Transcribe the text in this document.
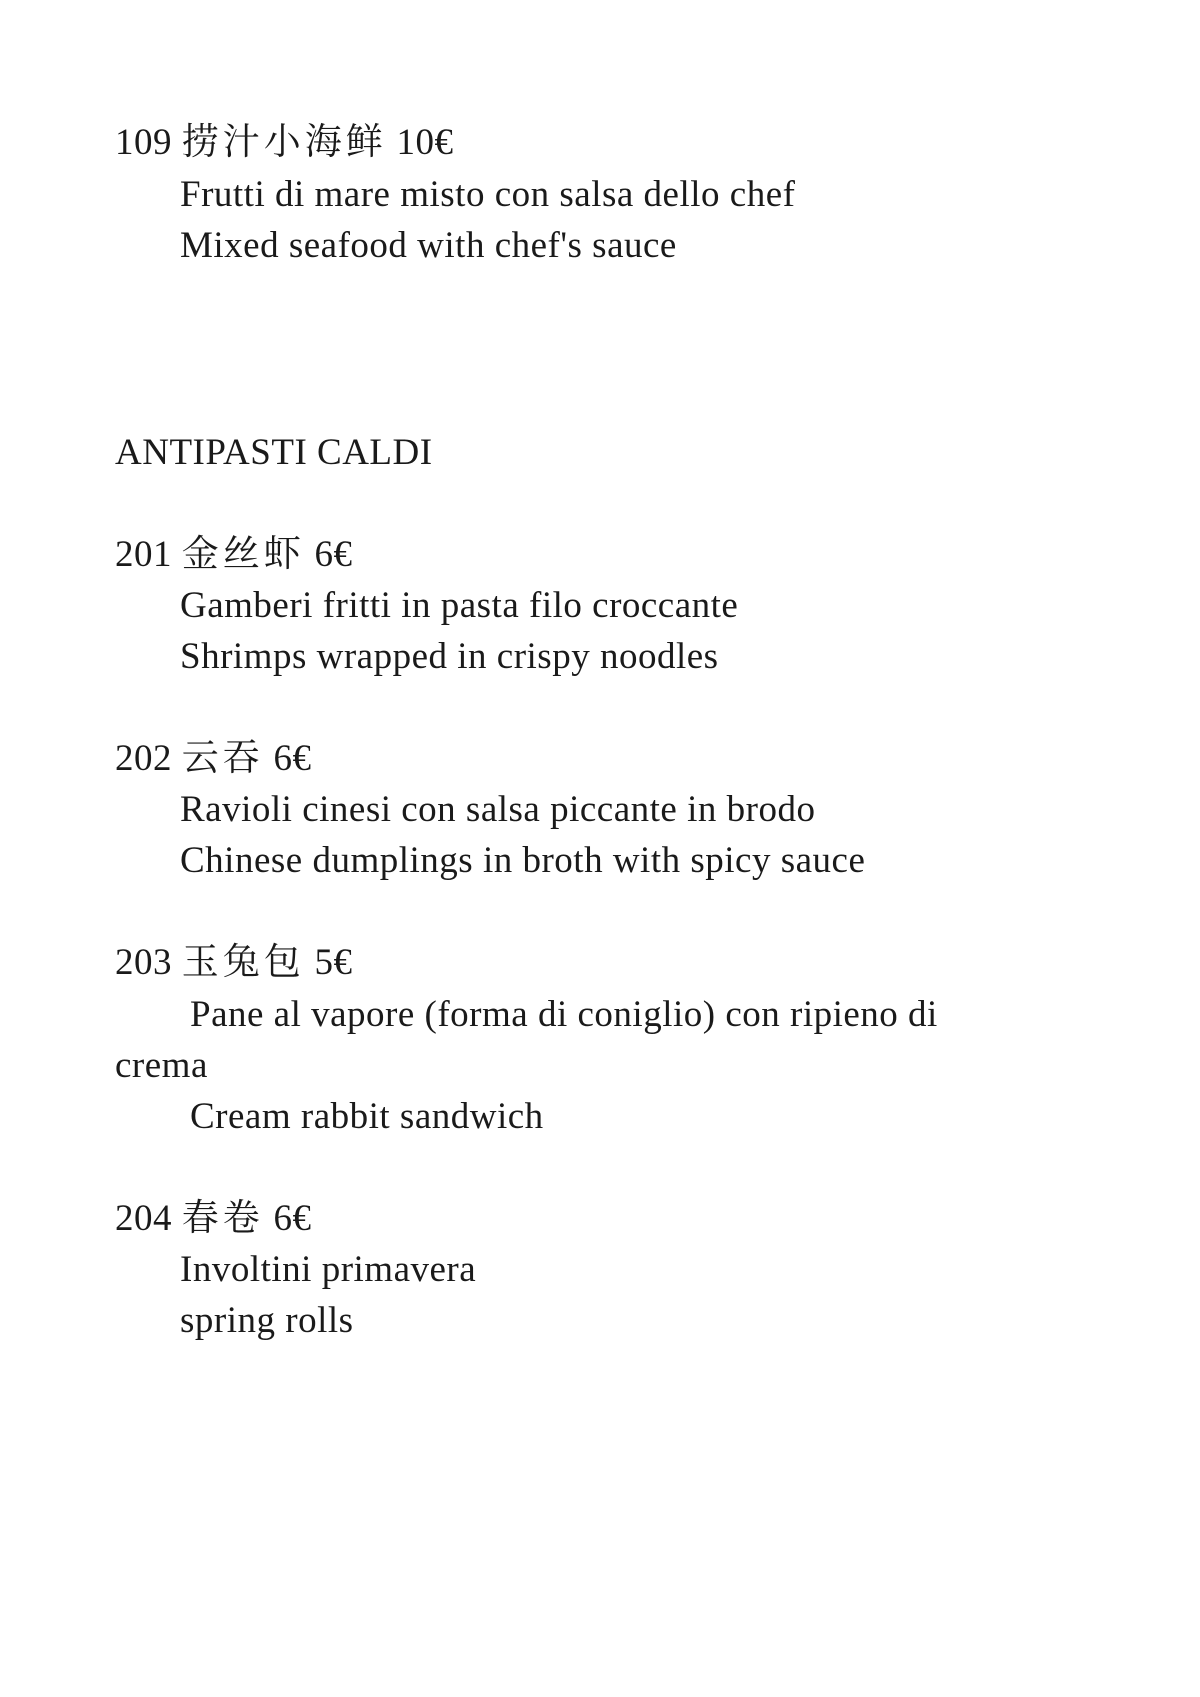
109 捞汁小海鲜 10€
Frutti di mare misto con salsa dello chef
Mixed seafood with chef's sauce
ANTIPASTI CALDI
201 金丝虾 6€
Gamberi fritti in pasta filo croccante
Shrimps wrapped in crispy noodles
202 云吞 6€
Ravioli cinesi con salsa piccante in brodo
Chinese dumplings in broth with spicy sauce
203 玉兔包 5€
Pane al vapore (forma di coniglio) con ripieno di
crema
Cream rabbit sandwich
204 春卷 6€
Involtini primavera
spring rolls
